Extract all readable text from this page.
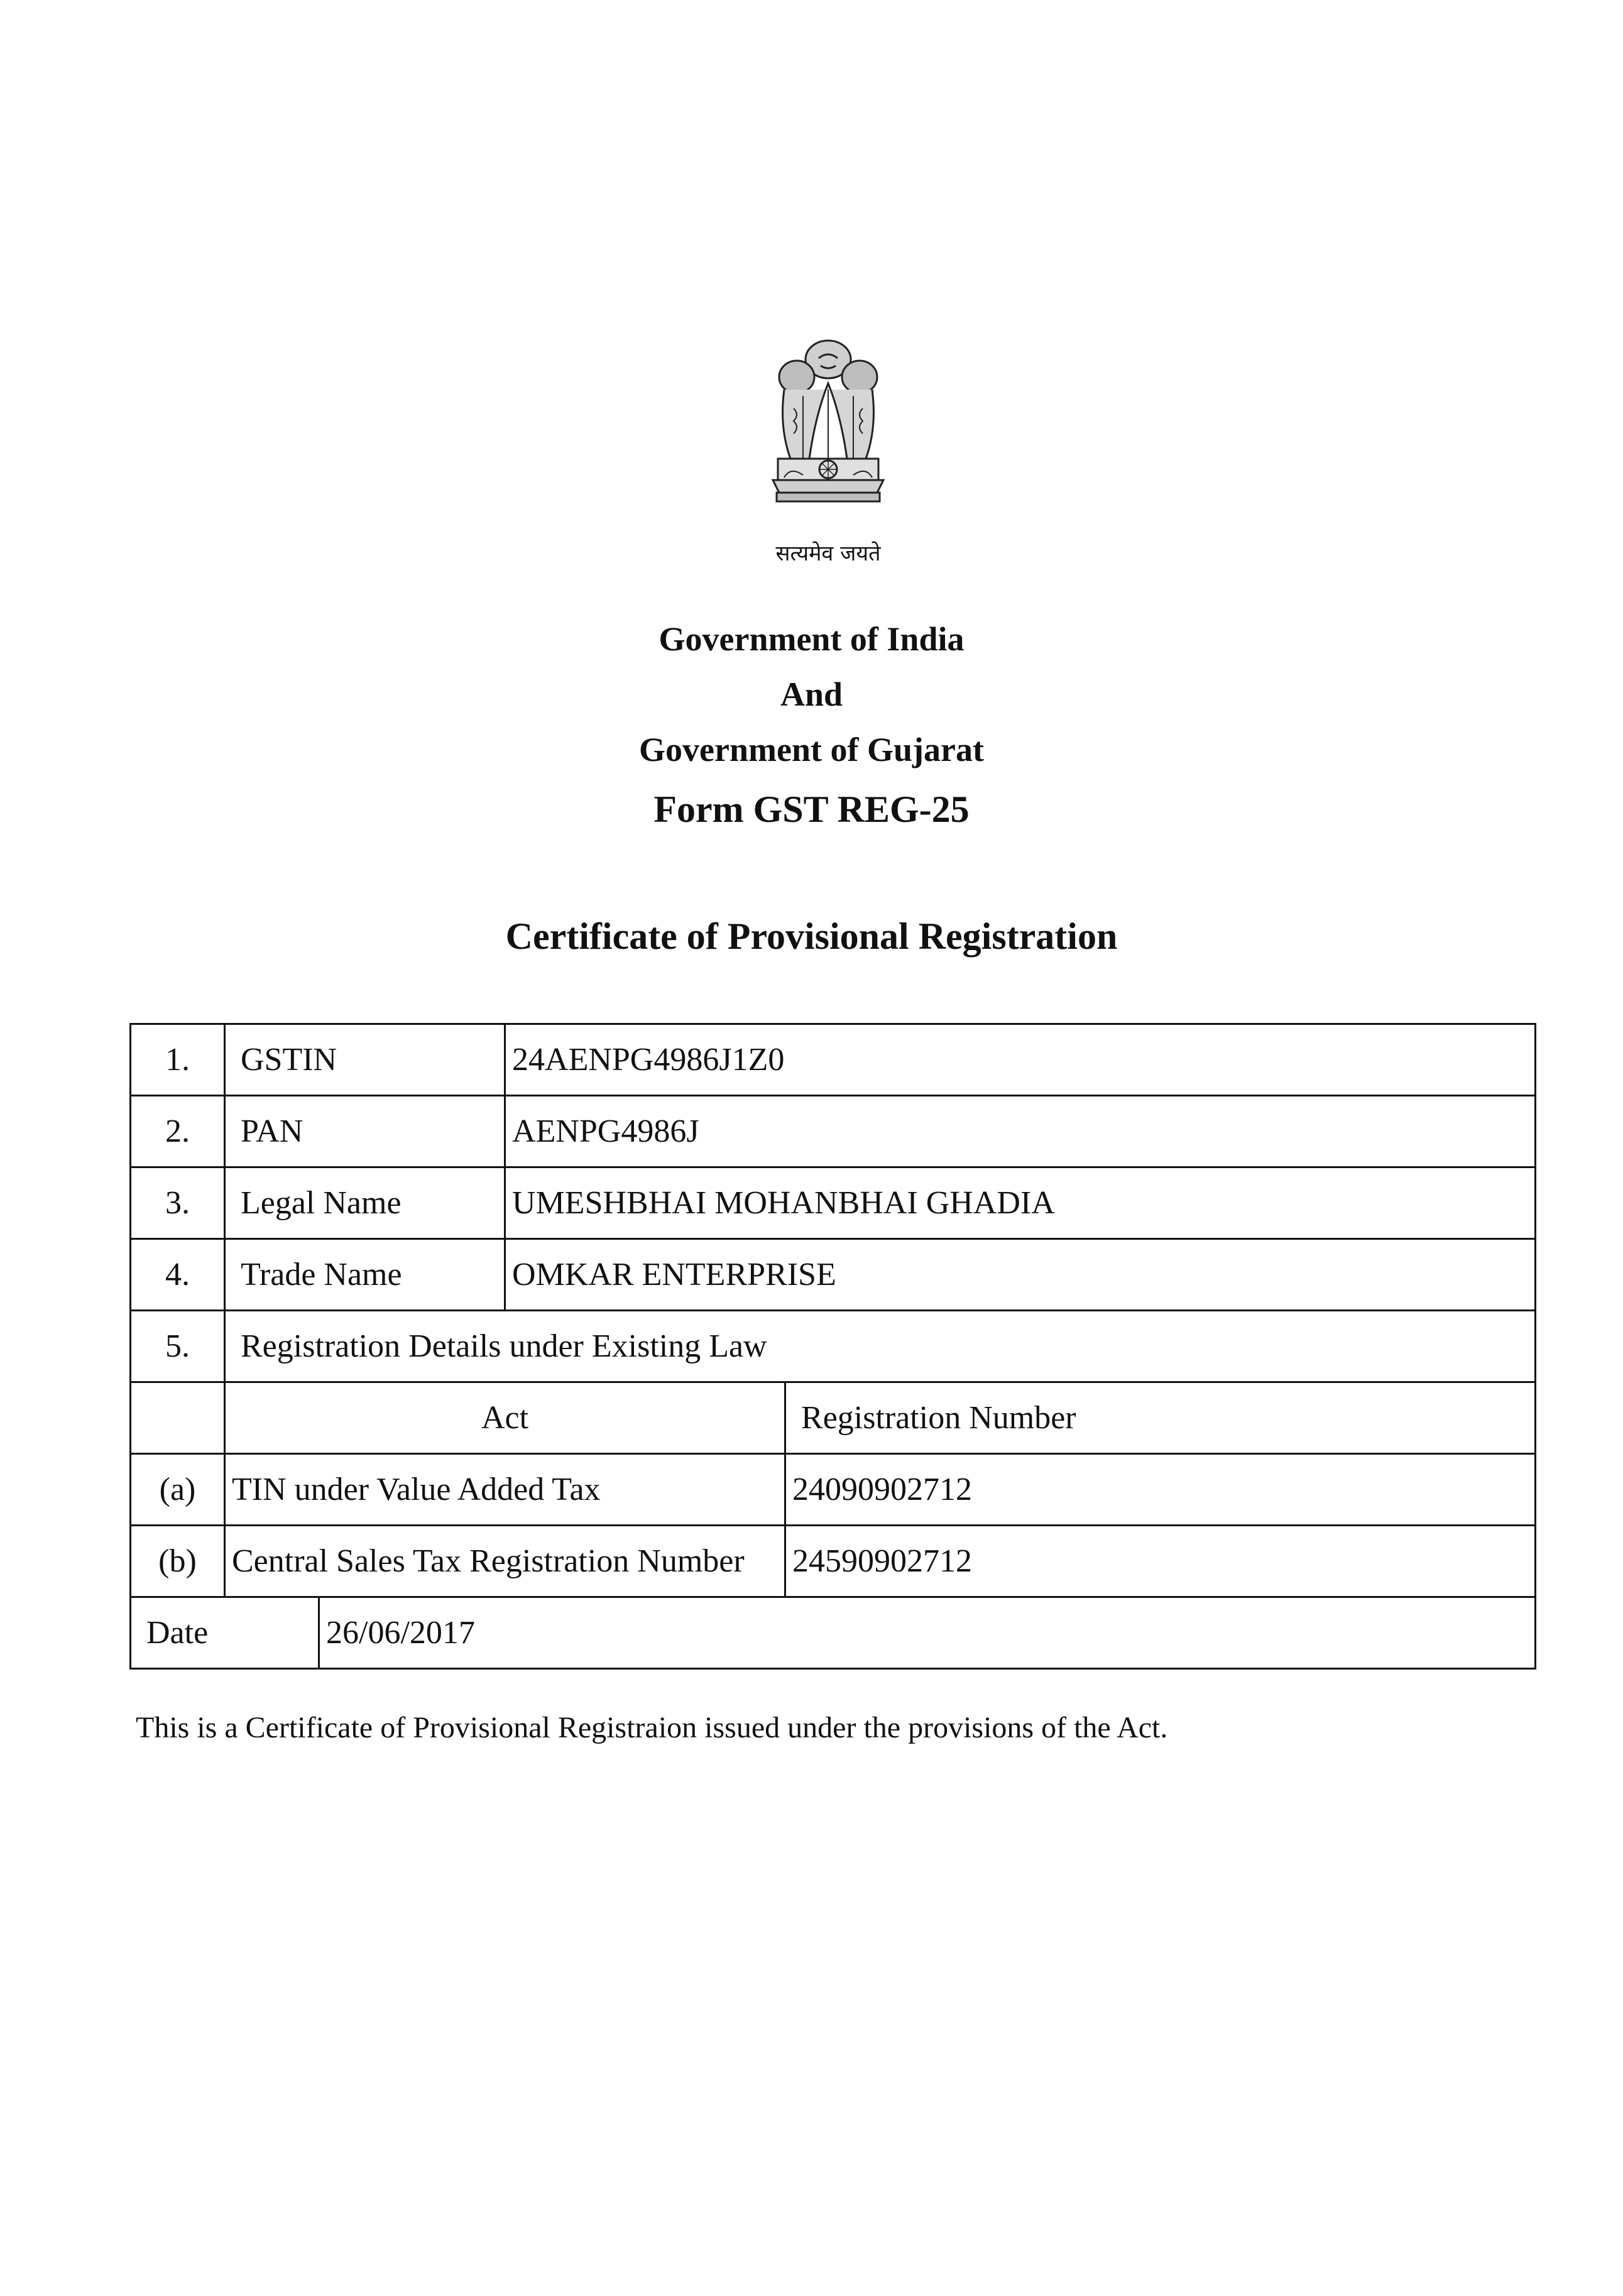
सत्यमेव जयते
Government of India
And
Government of Gujarat
Form GST REG-25
Certificate of Provisional Registration
1.	GSTIN		24AENPG4986J1Z0	
2.	PAN		AENPG4986J	
3.	Legal Name		UMESHBHAI MOHANBHAI GHADIA	
4.	Trade Name		OMKAR ENTERPRISE	
5.	Registration Details under Existing Law			
	Act			Registration Number
(a)	TIN under Value Added Tax			24090902712
(b)	Central Sales Tax Registration Number			24590902712
Date		26/06/2017		
This is a Certificate of Provisional Registraion issued under the provisions of the Act.
